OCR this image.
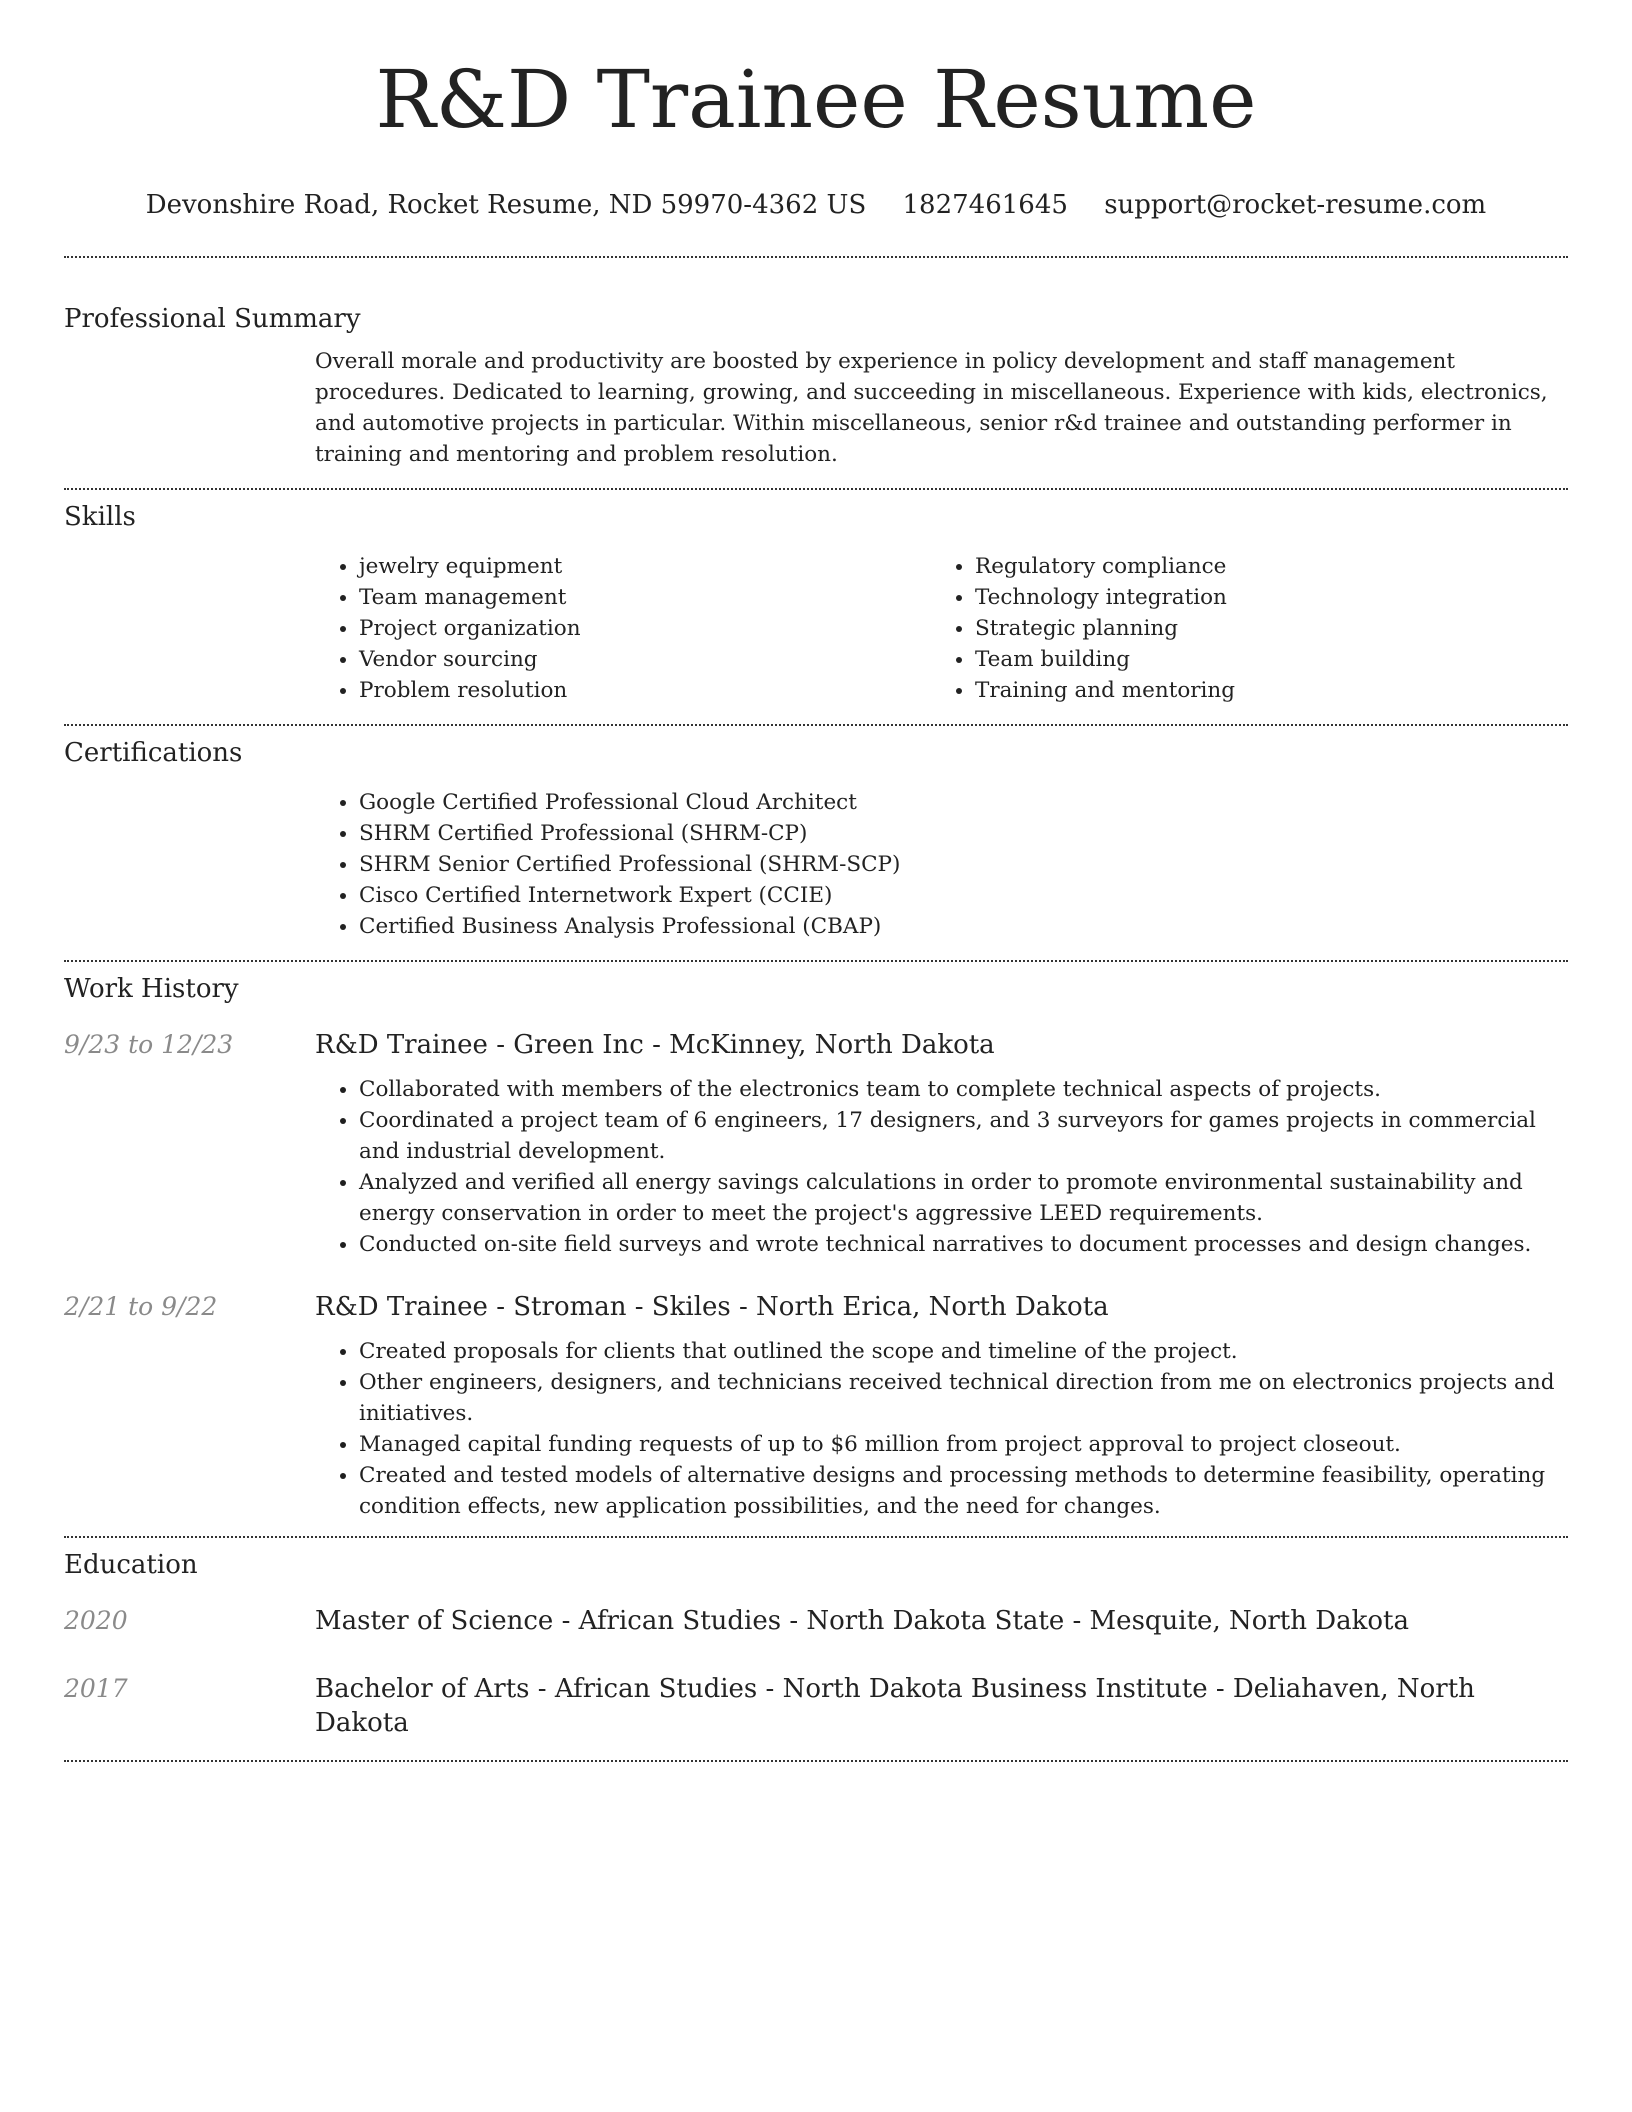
R&D Trainee Resume
Devonshire Road, Rocket Resume, ND 59970-4362 US 1827461645 support@rocket-resume.com
Professional Summary
Overall morale and productivity are boosted by experience in policy development and staff management procedures. Dedicated to learning, growing, and succeeding in miscellaneous. Experience with kids, electronics, and automotive projects in particular. Within miscellaneous, senior r&d trainee and outstanding performer in training and mentoring and problem resolution.
Skills
• jewelry equipment
• Team management
• Project organization
• Vendor sourcing
• Problem resolution
• Regulatory compliance
• Technology integration
• Strategic planning
• Team building
• Training and mentoring
Certifications
• Google Certified Professional Cloud Architect
• SHRM Certified Professional (SHRM-CP)
• SHRM Senior Certified Professional (SHRM-SCP)
• Cisco Certified Internetwork Expert (CCIE)
• Certified Business Analysis Professional (CBAP)
Work History
9/23 to 12/23	R&D Trainee - Green Inc - McKinney, North Dakota
• Collaborated with members of the electronics team to complete technical aspects of projects.
• Coordinated a project team of 6 engineers, 17 designers, and 3 surveyors for games projects in commercial and industrial development.
• Analyzed and verified all energy savings calculations in order to promote environmental sustainability and energy conservation in order to meet the project's aggressive LEED requirements.
• Conducted on-site field surveys and wrote technical narratives to document processes and design changes.
2/21 to 9/22	R&D Trainee - Stroman - Skiles - North Erica, North Dakota
• Created proposals for clients that outlined the scope and timeline of the project.
• Other engineers, designers, and technicians received technical direction from me on electronics projects and initiatives.
• Managed capital funding requests of up to $6 million from project approval to project closeout.
• Created and tested models of alternative designs and processing methods to determine feasibility, operating condition effects, new application possibilities, and the need for changes.
Education
2020	Master of Science - African Studies - North Dakota State - Mesquite, North Dakota
2017	Bachelor of Arts - African Studies - North Dakota Business Institute - Deliahaven, North Dakota
